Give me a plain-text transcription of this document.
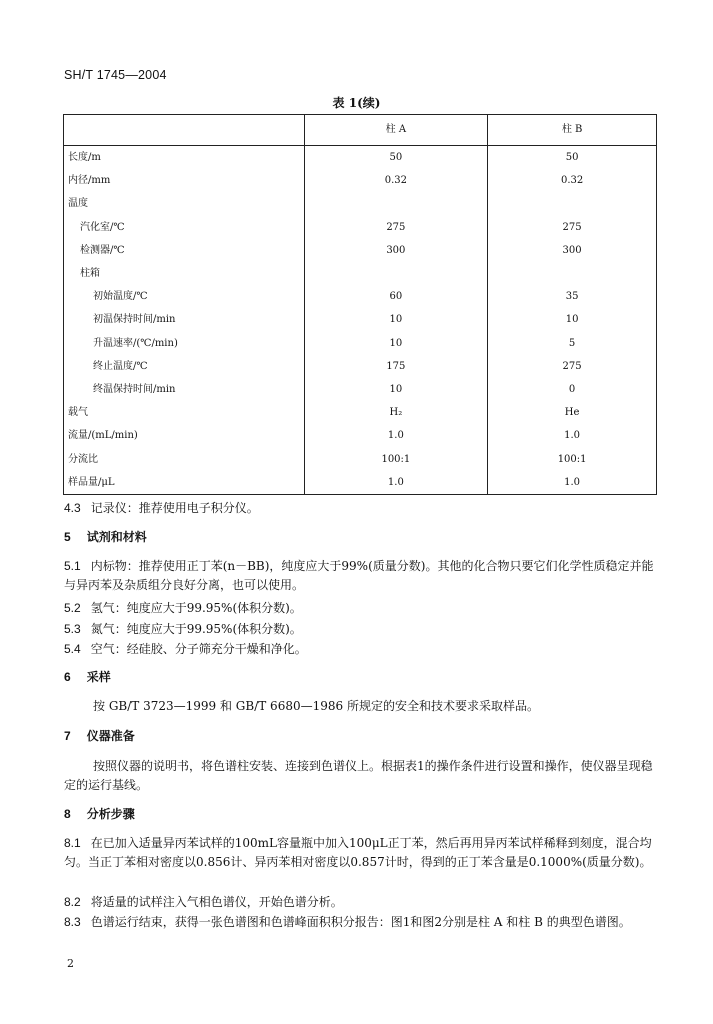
SH/T 1745—2004
表 1(续)
	柱 A	柱 B
长度/m	50	50
内径/mm	0.32	0.32
温度		
汽化室/℃	275	275
检测器/℃	300	300
柱箱		
初始温度/℃	60	35
初温保持时间/min	10	10
升温速率/(℃/min)	10	5
终止温度/℃	175	275
终温保持时间/min	10	0
载气	H₂	He
流量/(mL/min)	1.0	1.0
分流比	100:1	100:1
样品量/μL	1.0	1.0
4.3 记录仪：推荐使用电子积分仪。
5 试剂和材料
5.1 内标物：推荐使用正丁苯(n－BB)，纯度应大于99%(质量分数)。其他的化合物只要它们化学性质稳定并能与异丙苯及杂质组分良好分离，也可以使用。
5.2 氢气：纯度应大于99.95%(体积分数)。
5.3 氮气：纯度应大于99.95%(体积分数)。
5.4 空气：经硅胶、分子筛充分干燥和净化。
6 采样
按 GB/T 3723—1999 和 GB/T 6680—1986 所规定的安全和技术要求采取样品。
7 仪器准备
按照仪器的说明书，将色谱柱安装、连接到色谱仪上。根据表1的操作条件进行设置和操作，使仪器呈现稳定的运行基线。
8 分析步骤
8.1 在已加入适量异丙苯试样的100mL容量瓶中加入100μL正丁苯，然后再用异丙苯试样稀释到刻度，混合均匀。当正丁苯相对密度以0.856计、异丙苯相对密度以0.857计时，得到的正丁苯含量是0.1000%(质量分数)。
8.2 将适量的试样注入气相色谱仪，开始色谱分析。
8.3 色谱运行结束，获得一张色谱图和色谱峰面积积分报告：图1和图2分别是柱 A 和柱 B 的典型色谱图。
2
